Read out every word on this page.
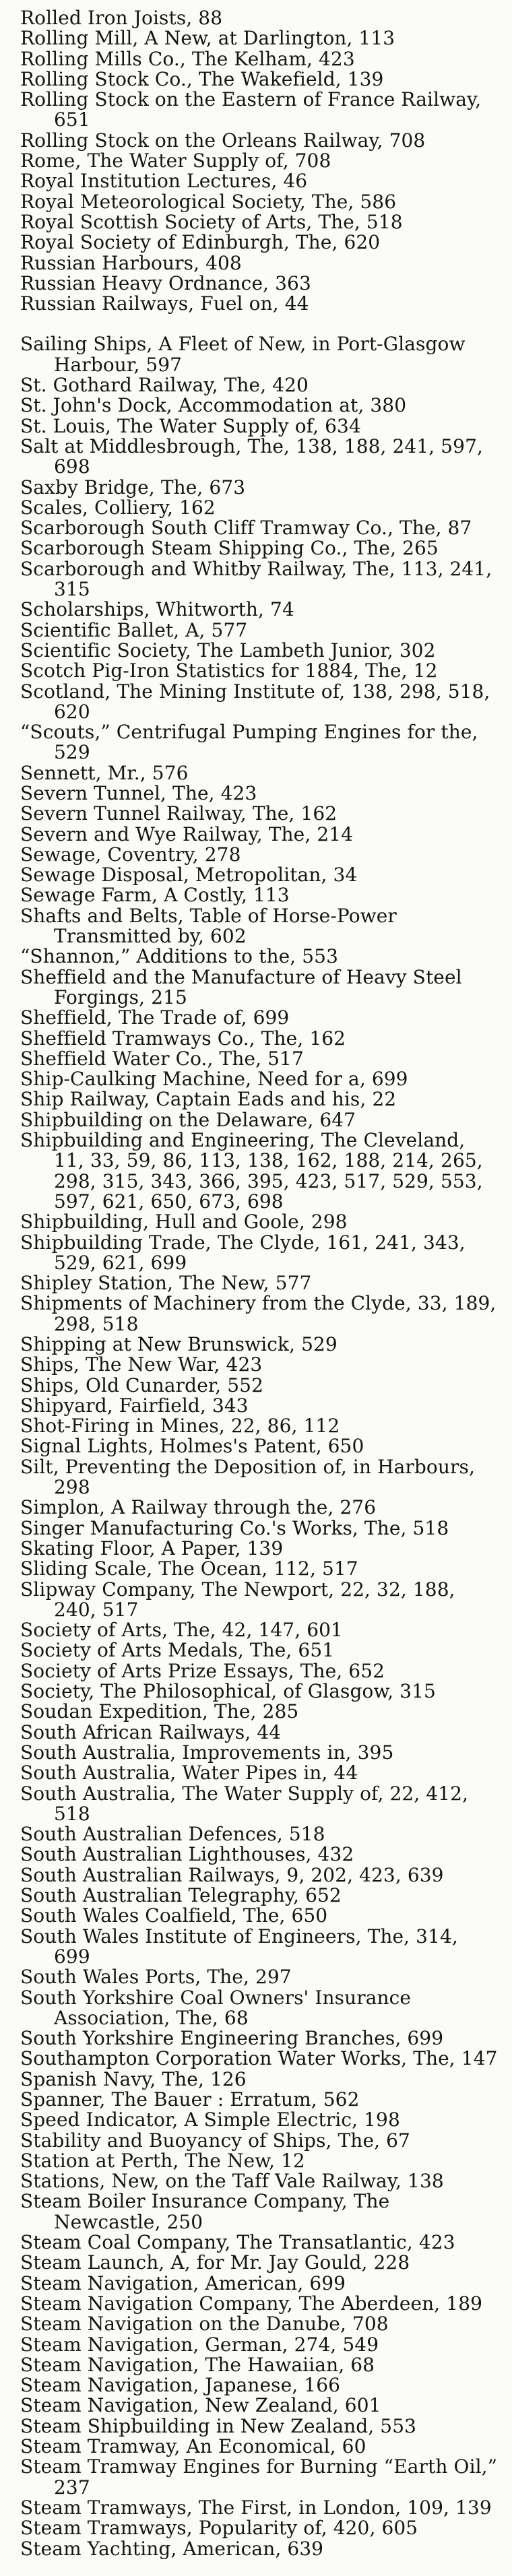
Rolled Iron Joists, 88

Rolling Mill, A New, at Darlington, 113

Rolling Mills Co., The Kelham, 423

Rolling Stock Co., The Wakefield, 139

Rolling Stock on the Eastern of France Railway, 651

Rolling Stock on the Orleans Railway, 708

Rome, The Water Supply of, 708

Royal Institution Lectures, 46

Royal Meteorological Society, The, 586

Royal Scottish Society of Arts, The, 518

Royal Society of Edinburgh, The, 620

Russian Harbours, 408

Russian Heavy Ordnance, 363

Russian Railways, Fuel on, 44

Sailing Ships, A Fleet of New, in Port-Glasgow Harbour, 597

St. Gothard Railway, The, 420

St. John's Dock, Accommodation at, 380

St. Louis, The Water Supply of, 634

Salt at Middlesbrough, The, 138, 188, 241, 597, 698

Saxby Bridge, The, 673

Scales, Colliery, 162

Scarborough South Cliff Tramway Co., The, 87

Scarborough Steam Shipping Co., The, 265

Scarborough and Whitby Railway, The, 113, 241, 315

Scholarships, Whitworth, 74

Scientific Ballet, A, 577

Scientific Society, The Lambeth Junior, 302

Scotch Pig-Iron Statistics for 1884, The, 12

Scotland, The Mining Institute of, 138, 298, 518, 620

“Scouts,” Centrifugal Pumping Engines for the, 529

Sennett, Mr., 576

Severn Tunnel, The, 423

Severn Tunnel Railway, The, 162

Severn and Wye Railway, The, 214

Sewage, Coventry, 278

Sewage Disposal, Metropolitan, 34

Sewage Farm, A Costly, 113

Shafts and Belts, Table of Horse-Power Transmitted by, 602

“Shannon,” Additions to the, 553

Sheffield and the Manufacture of Heavy Steel Forgings, 215

Sheffield, The Trade of, 699

Sheffield Tramways Co., The, 162

Sheffield Water Co., The, 517

Ship-Caulking Machine, Need for a, 699

Ship Railway, Captain Eads and his, 22

Shipbuilding on the Delaware, 647

Shipbuilding and Engineering, The Cleveland, 11, 33, 59, 86, 113, 138, 162, 188, 214, 265, 298, 315, 343, 366, 395, 423, 517, 529, 553, 597, 621, 650, 673, 698

Shipbuilding, Hull and Goole, 298

Shipbuilding Trade, The Clyde, 161, 241, 343, 529, 621, 699

Shipley Station, The New, 577

Shipments of Machinery from the Clyde, 33, 189, 298, 518

Shipping at New Brunswick, 529

Ships, The New War, 423

Ships, Old Cunarder, 552

Shipyard, Fairfield, 343

Shot-Firing in Mines, 22, 86, 112

Signal Lights, Holmes's Patent, 650

Silt, Preventing the Deposition of, in Harbours, 298

Simplon, A Railway through the, 276

Singer Manufacturing Co.'s Works, The, 518

Skating Floor, A Paper, 139

Sliding Scale, The Ocean, 112, 517

Slipway Company, The Newport, 22, 32, 188, 240, 517

Society of Arts, The, 42, 147, 601

Society of Arts Medals, The, 651

Society of Arts Prize Essays, The, 652

Society, The Philosophical, of Glasgow, 315

Soudan Expedition, The, 285

South African Railways, 44

South Australia, Improvements in, 395

South Australia, Water Pipes in, 44

South Australia, The Water Supply of, 22, 412, 518

South Australian Defences, 518

South Australian Lighthouses, 432

South Australian Railways, 9, 202, 423, 639

South Australian Telegraphy, 652

South Wales Coalfield, The, 650

South Wales Institute of Engineers, The, 314, 699

South Wales Ports, The, 297

South Yorkshire Coal Owners' Insurance Association, The, 68

South Yorkshire Engineering Branches, 699

Southampton Corporation Water Works, The, 147

Spanish Navy, The, 126

Spanner, The Bauer : Erratum, 562

Speed Indicator, A Simple Electric, 198

Stability and Buoyancy of Ships, The, 67

Station at Perth, The New, 12

Stations, New, on the Taff Vale Railway, 138

Steam Boiler Insurance Company, The Newcastle, 250

Steam Coal Company, The Transatlantic, 423

Steam Launch, A, for Mr. Jay Gould, 228

Steam Navigation, American, 699

Steam Navigation Company, The Aberdeen, 189

Steam Navigation on the Danube, 708

Steam Navigation, German, 274, 549

Steam Navigation, The Hawaiian, 68

Steam Navigation, Japanese, 166

Steam Navigation, New Zealand, 601

Steam Shipbuilding in New Zealand, 553

Steam Tramway, An Economical, 60

Steam Tramway Engines for Burning “Earth Oil,” 237

Steam Tramways, The First, in London, 109, 139

Steam Tramways, Popularity of, 420, 605

Steam Yachting, American, 639
